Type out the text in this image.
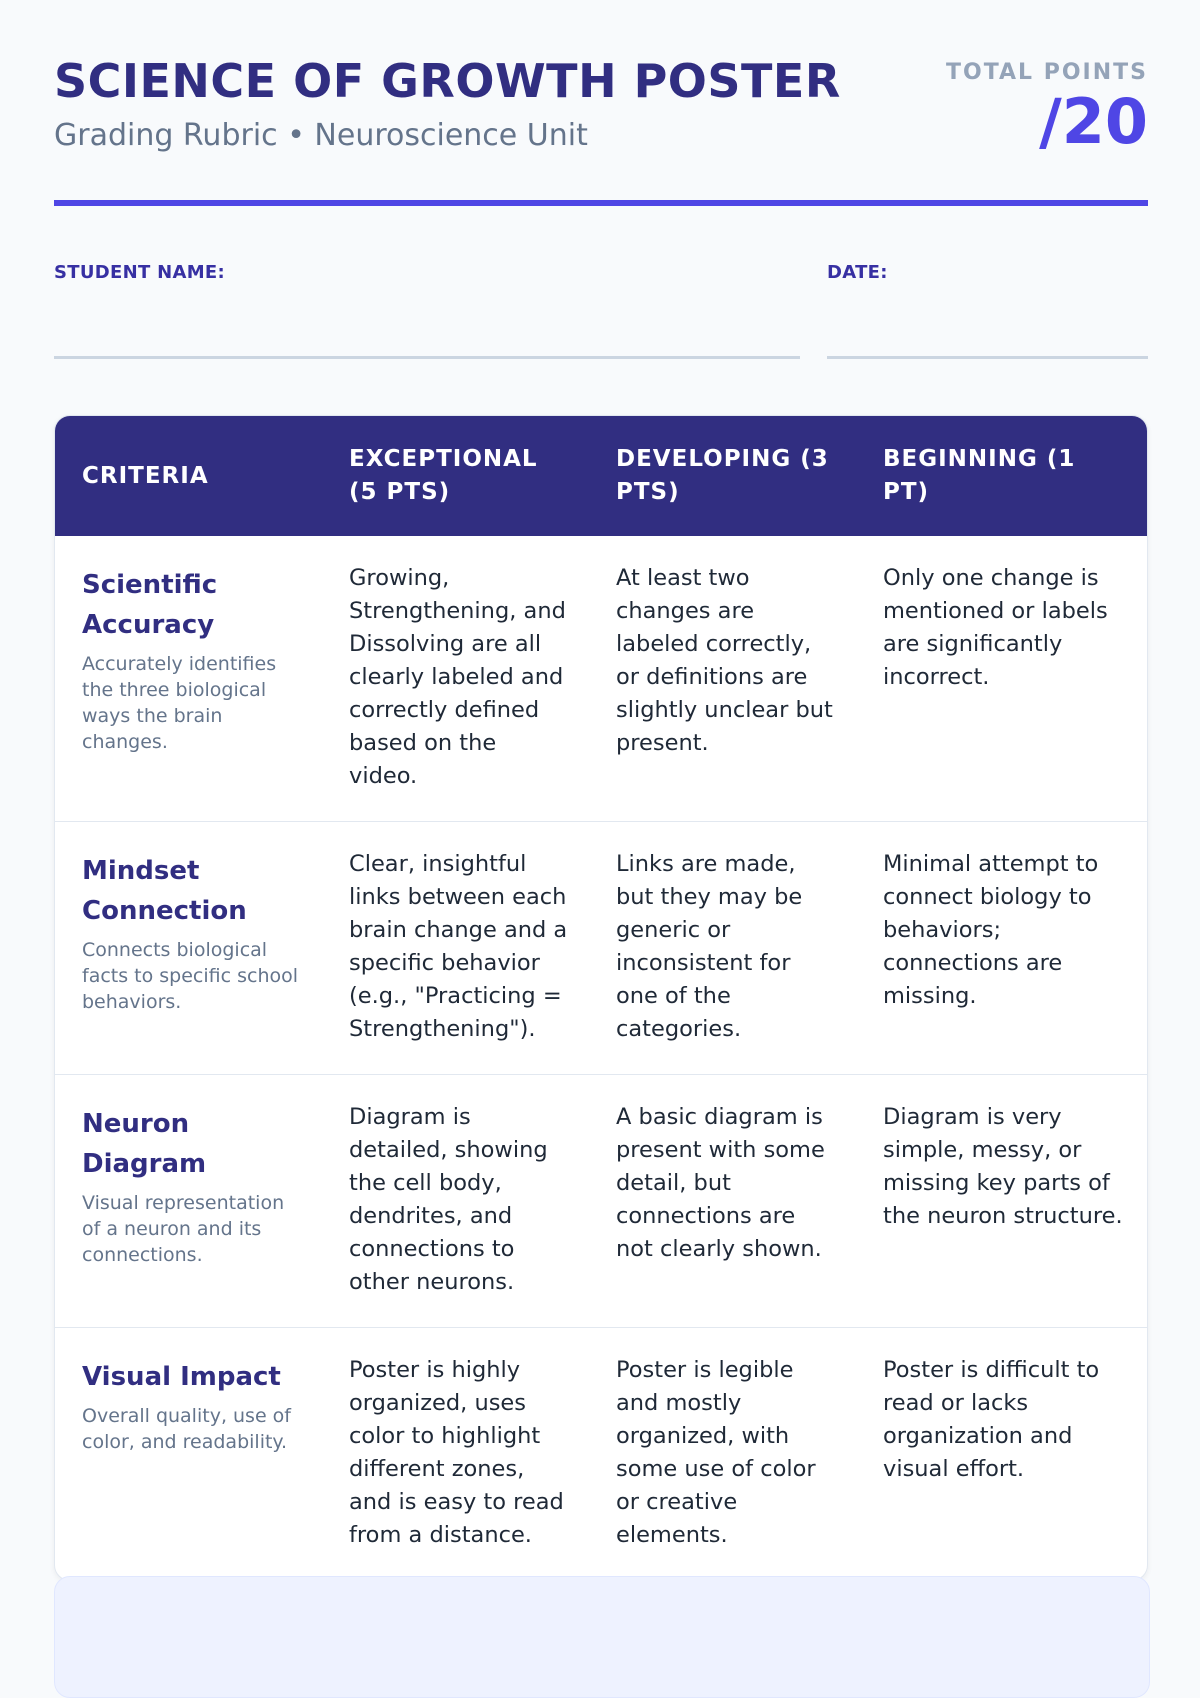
SCIENCE OF GROWTH POSTER

Grading Rubric • Neuroscience Unit

TOTAL POINTS
/20
STUDENT NAME:	DATE:
CRITERIA	EXCEPTIONAL (5 PTS)	DEVELOPING (3 PTS)	BEGINNING (1 PT)

Scientific Accuracy
Accurately identifies the three biological ways the brain changes.	Growing, Strengthening, and Dissolving are all clearly labeled and correctly defined based on the video.	At least two changes are labeled correctly, or definitions are slightly unclear but present.	Only one change is mentioned or labels are significantly incorrect.

Mindset Connection
Connects biological facts to specific school behaviors.	Clear, insightful links between each brain change and a specific behavior (e.g., "Practicing = Strengthening").	Links are made, but they may be generic or inconsistent for one of the categories.	Minimal attempt to connect biology to behaviors; connections are missing.

Neuron Diagram
Visual representation of a neuron and its connections.	Diagram is detailed, showing the cell body, dendrites, and connections to other neurons.	A basic diagram is present with some detail, but connections are not clearly shown.	Diagram is very simple, messy, or missing key parts of the neuron structure.

Visual Impact
Overall quality, use of color, and readability.	Poster is highly organized, uses color to highlight different zones, and is easy to read from a distance.	Poster is legible and mostly organized, with some use of color or creative elements.	Poster is difficult to read or lacks organization and visual effort.
